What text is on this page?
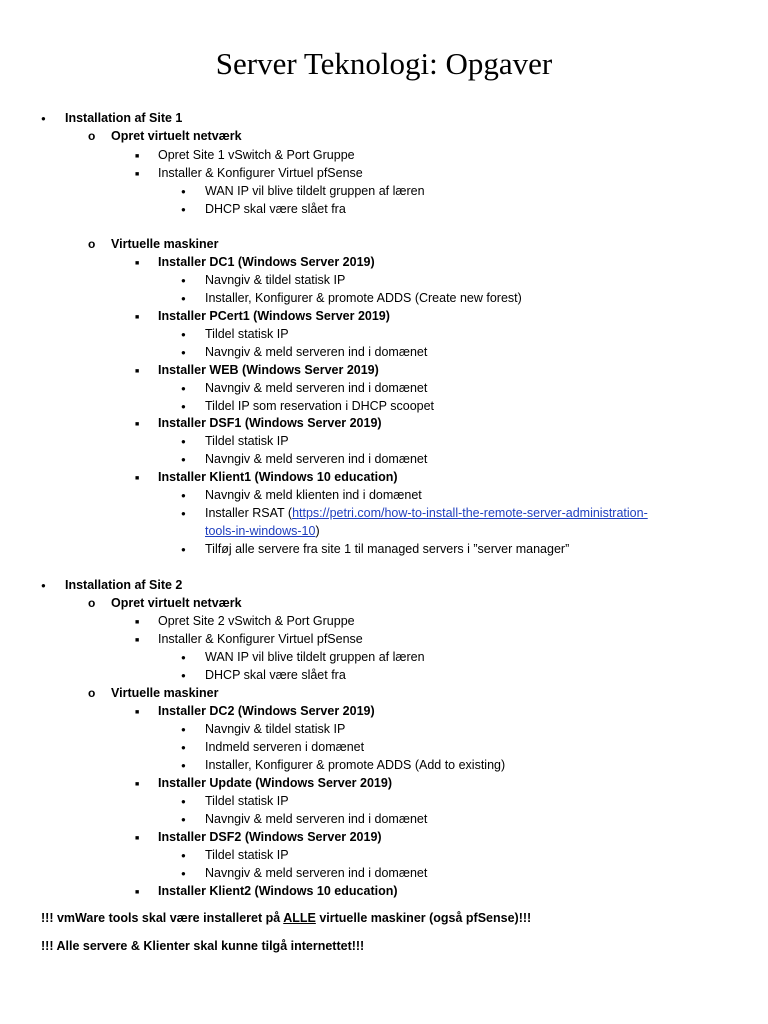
Server Teknologi: Opgaver
●
Installation af Site 1
o
Opret virtuelt netværk
■
Opret Site 1 vSwitch & Port Gruppe
■
Installer & Konfigurer Virtuel pfSense
●
WAN IP vil blive tildelt gruppen af læren
●
DHCP skal være slået fra
o
Virtuelle maskiner
■
Installer DC1 (Windows Server 2019)
●
Navngiv & tildel statisk IP
●
Installer, Konfigurer & promote ADDS (Create new forest)
■
Installer PCert1 (Windows Server 2019)
●
Tildel statisk IP
●
Navngiv & meld serveren ind i domænet
■
Installer WEB (Windows Server 2019)
●
Navngiv & meld serveren ind i domænet
●
Tildel IP som reservation i DHCP scoopet
■
Installer DSF1 (Windows Server 2019)
●
Tildel statisk IP
●
Navngiv & meld serveren ind i domænet
■
Installer Klient1 (Windows 10 education)
●
Navngiv & meld klienten ind i domænet
●
Installer RSAT (https://petri.com/how-to-install-the-remote-server-administration-
tools-in-windows-10)
●
Tilføj alle servere fra site 1 til managed servers i ”server manager”
●
Installation af Site 2
o
Opret virtuelt netværk
■
Opret Site 2 vSwitch & Port Gruppe
■
Installer & Konfigurer Virtuel pfSense
●
WAN IP vil blive tildelt gruppen af læren
●
DHCP skal være slået fra
o
Virtuelle maskiner
■
Installer DC2 (Windows Server 2019)
●
Navngiv & tildel statisk IP
●
Indmeld serveren i domænet
●
Installer, Konfigurer & promote ADDS (Add to existing)
■
Installer Update (Windows Server 2019)
●
Tildel statisk IP
●
Navngiv & meld serveren ind i domænet
■
Installer DSF2 (Windows Server 2019)
●
Tildel statisk IP
●
Navngiv & meld serveren ind i domænet
■
Installer Klient2 (Windows 10 education)
!!! vmWare tools skal være installeret på ALLE virtuelle maskiner (også pfSense)!!!
!!! Alle servere & Klienter skal kunne tilgå internettet!!!
